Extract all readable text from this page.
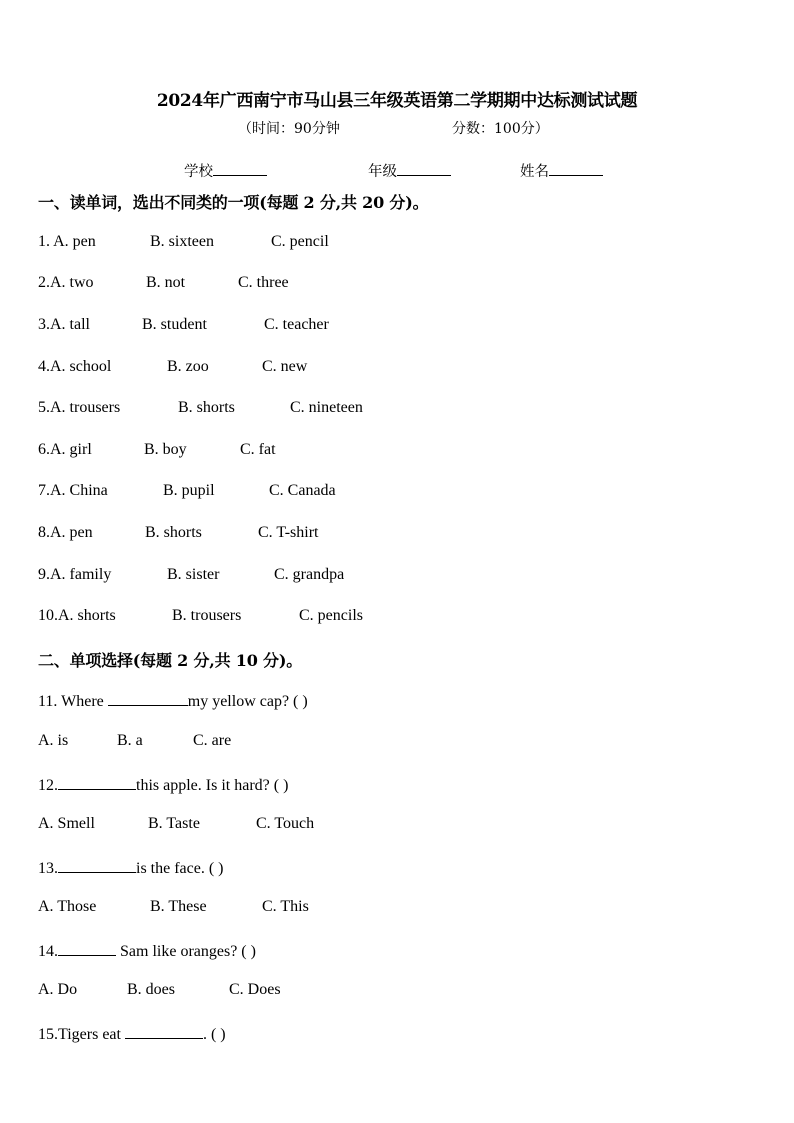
2024年广西南宁市马山县三年级英语第二学期期中达标测试试题
（时间：90分钟	分数：100分）
学校	年级	姓名
一、读单词，选出不同类的一项(每题 2 分,共 20 分)。
1. A. pen	B. sixteen	C. pencil
2.A. two	B. not	C. three
3.A. tall	B. student	C. teacher
4.A. school	B. zoo	C. new
5.A. trousers	B. shorts	C. nineteen
6.A. girl	B. boy	C. fat
7.A. China	B. pupil	C. Canada
8.A. pen	B. shorts	C. T-shirt
9.A. family	B. sister	C. grandpa
10.A. shorts	B. trousers	C. pencils
二、单项选择(每题 2 分,共 10 分)。
11. Where	my yellow cap? ( )
A. is	B. a	C. are
12.	this apple. Is it hard? ( )
A. Smell	B. Taste	C. Touch
13.	is the face. ( )
A. Those	B. These	C. This
14.	Sam like oranges? ( )
A. Do	B. does	C. Does
15.Tigers eat	. ( )
